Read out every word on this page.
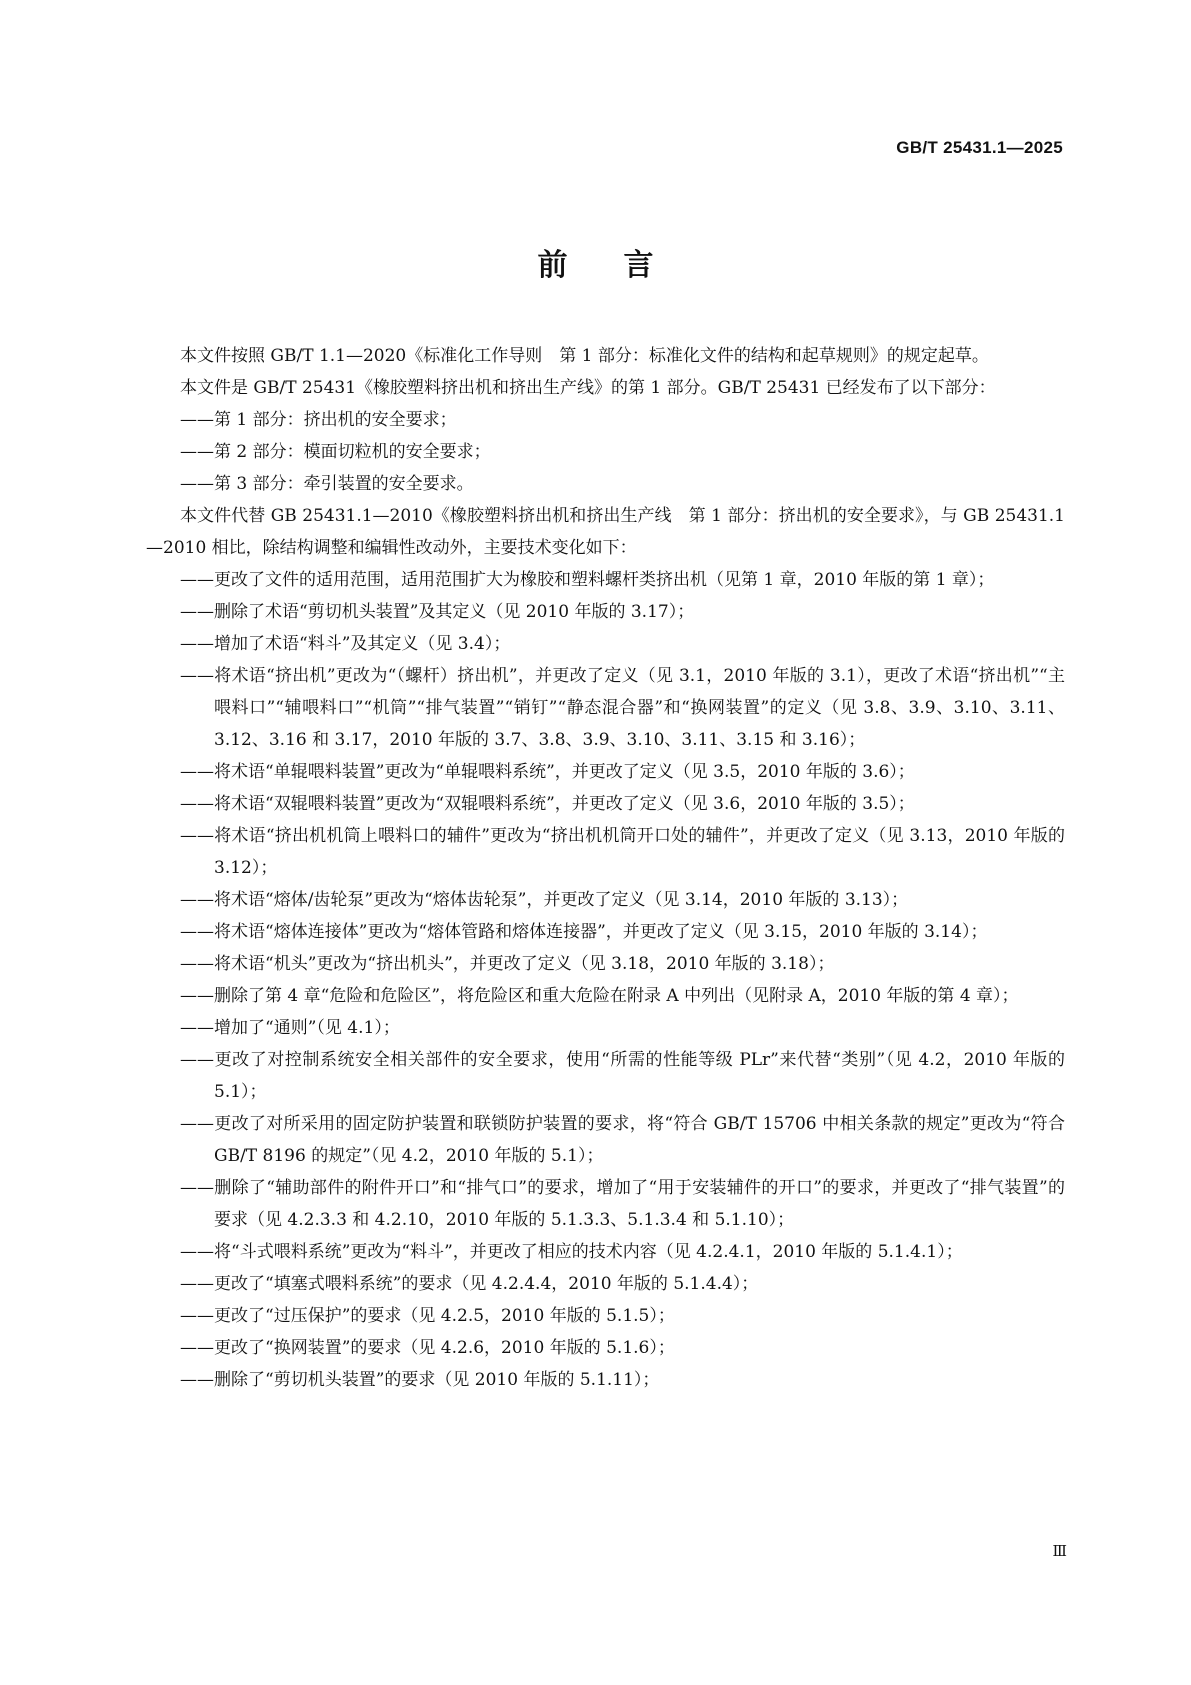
GB/T 25431.1—2025
前言

本文件按照 GB/T 1.1—2020《标准化工作导则　第 1 部分：标准化文件的结构和起草规则》的规定起草。

本文件是 GB/T 25431《橡胶塑料挤出机和挤出生产线》的第 1 部分。GB/T 25431 已经发布了以下部分：

——第 1 部分：挤出机的安全要求；

——第 2 部分：模面切粒机的安全要求；

——第 3 部分：牵引装置的安全要求。

本文件代替 GB 25431.1—2010《橡胶塑料挤出机和挤出生产线　第 1 部分：挤出机的安全要求》，与 GB 25431.1—2010 相比，除结构调整和编辑性改动外，主要技术变化如下：

——更改了文件的适用范围，适用范围扩大为橡胶和塑料螺杆类挤出机（见第 1 章，2010 年版的第 1 章）；

——删除了术语“剪切机头装置”及其定义（见 2010 年版的 3.17）；

——增加了术语“料斗”及其定义（见 3.4）；

——将术语“挤出机”更改为“（螺杆）挤出机”，并更改了定义（见 3.1，2010 年版的 3.1），更改了术语“挤出机”“主喂料口”“辅喂料口”“机筒”“排气装置”“销钉”“静态混合器”和“换网装置”的定义（见 3.8、3.9、3.10、3.11、3.12、3.16 和 3.17，2010 年版的 3.7、3.8、3.9、3.10、3.11、3.15 和 3.16）；

——将术语“单辊喂料装置”更改为“单辊喂料系统”，并更改了定义（见 3.5，2010 年版的 3.6）；

——将术语“双辊喂料装置”更改为“双辊喂料系统”，并更改了定义（见 3.6，2010 年版的 3.5）；

——将术语“挤出机机筒上喂料口的辅件”更改为“挤出机机筒开口处的辅件”，并更改了定义（见 3.13，2010 年版的 3.12）；

——将术语“熔体/齿轮泵”更改为“熔体齿轮泵”，并更改了定义（见 3.14，2010 年版的 3.13）；

——将术语“熔体连接体”更改为“熔体管路和熔体连接器”，并更改了定义（见 3.15，2010 年版的 3.14）；

——将术语“机头”更改为“挤出机头”，并更改了定义（见 3.18，2010 年版的 3.18）；

——删除了第 4 章“危险和危险区”，将危险区和重大危险在附录 A 中列出（见附录 A，2010 年版的第 4 章）；

——增加了“通则”（见 4.1）；

——更改了对控制系统安全相关部件的安全要求，使用“所需的性能等级 PLr”来代替“类别”（见 4.2，2010 年版的 5.1）；

——更改了对所采用的固定防护装置和联锁防护装置的要求，将“符合 GB/T 15706 中相关条款的规定”更改为“符合 GB/T 8196 的规定”（见 4.2，2010 年版的 5.1）；

——删除了“辅助部件的附件开口”和“排气口”的要求，增加了“用于安装辅件的开口”的要求，并更改了“排气装置”的要求（见 4.2.3.3 和 4.2.10，2010 年版的 5.1.3.3、5.1.3.4 和 5.1.10）；

——将“斗式喂料系统”更改为“料斗”，并更改了相应的技术内容（见 4.2.4.1，2010 年版的 5.1.4.1）；

——更改了“填塞式喂料系统”的要求（见 4.2.4.4，2010 年版的 5.1.4.4）；

——更改了“过压保护”的要求（见 4.2.5，2010 年版的 5.1.5）；

——更改了“换网装置”的要求（见 4.2.6，2010 年版的 5.1.6）；

——删除了“剪切机头装置”的要求（见 2010 年版的 5.1.11）；

Ⅲ
